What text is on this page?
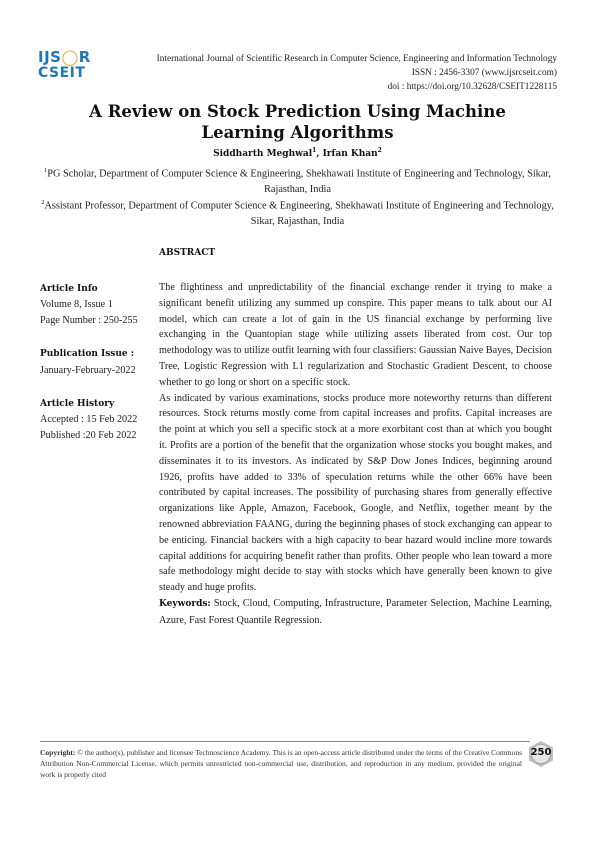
IJS◯R
CSEIT
International Journal of Scientific Research in Computer Science, Engineering and Information Technology
ISSN : 2456-3307 (www.ijsrcseit.com)
doi : https://doi.org/10.32628/CSEIT1228115
A Review on Stock Prediction Using Machine Learning Algorithms
Siddharth Meghwal$^1$, Irfan Khan$^2$
$^1$PG Scholar, Department of Computer Science & Engineering, Shekhawati Institute of Engineering and Technology, Sikar, Rajasthan, India
$^2$Assistant Professor, Department of Computer Science & Engineering, Shekhawati Institute of Engineering and Technology, Sikar, Rajasthan, India
ABSTRACT
Article Info
Volume 8, Issue 1
Page Number : 250-255
Publication Issue :
January-February-2022
Article History
Accepted : 15 Feb 2022
Published :20 Feb 2022

The flightiness and unpredictability of the financial exchange render it trying to make a significant benefit utilizing any summed up conspire. This paper means to talk about our AI model, which can create a lot of gain in the US financial exchange by performing live exchanging in the Quantopian stage while utilizing assets liberated from cost. Our top methodology was to utilize outfit learning with four classifiers: Gaussian Naive Bayes, Decision Tree, Logistic Regression with L1 regularization and Stochastic Gradient Descent, to choose whether to go long or short on a specific stock.

As indicated by various examinations, stocks produce more noteworthy returns than different resources. Stock returns mostly come from capital increases and profits. Capital increases are the point at which you sell a specific stock at a more exorbitant cost than at which you bought it. Profits are a portion of the benefit that the organization whose stocks you bought makes, and disseminates it to its investors. As indicated by S&P Dow Jones Indices, beginning around 1926, profits have added to 33% of speculation returns while the other 66% have been contributed by capital increases. The possibility of purchasing shares from generally effective organizations like Apple, Amazon, Facebook, Google, and Netflix, together meant by the renowned abbreviation FAANG, during the beginning phases of stock exchanging can appear to be enticing. Financial backers with a high capacity to bear hazard would incline more towards capital additions for acquiring benefit rather than profits. Other people who lean toward a more safe methodology might decide to stay with stocks which have generally been known to give steady and huge profits.

Keywords: Stock, Cloud, Computing, Infrastructure, Parameter Selection, Machine Learning, Azure, Fast Forest Quantile Regression.

Copyright: © the author(s), publisher and licensee Technoscience Academy. This is an open-access article distributed under the terms of the Creative Commons Attribution Non-Commercial License, which permits unrestricted non-commercial use, distribution, and reproduction in any medium, provided the original work is properly cited
250
